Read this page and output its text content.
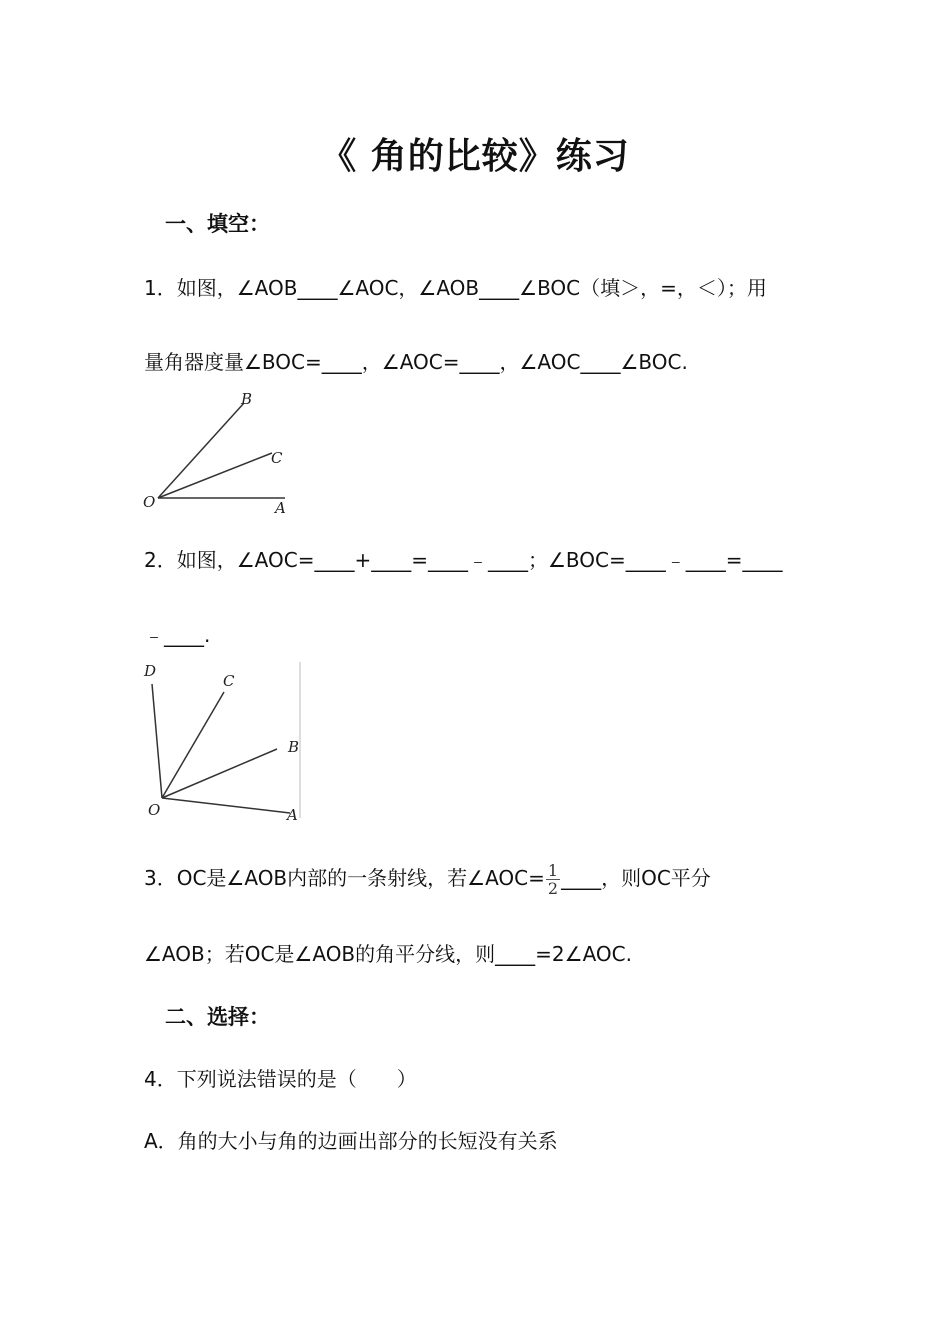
《 角的比较》练习
一、填空：
1．如图，∠AOB____∠AOC，∠AOB____∠BOC（填＞，=，＜）；用
量角器度量∠BOC=____，∠AOC=____，∠AOC____∠BOC.
O	A
B
C
2．如图，∠AOC=____+____=____﹣____；∠BOC=____﹣____=____
﹣____.
O	A
B
C
D
3．OC是∠AOB内部的一条射线，若∠AOC= $\frac{1}{2}$ ____，则OC平分
∠AOB；若OC是∠AOB的角平分线，则____=2∠AOC.
二、选择：
4．下列说法错误的是（　　）
A．角的大小与角的边画出部分的长短没有关系
